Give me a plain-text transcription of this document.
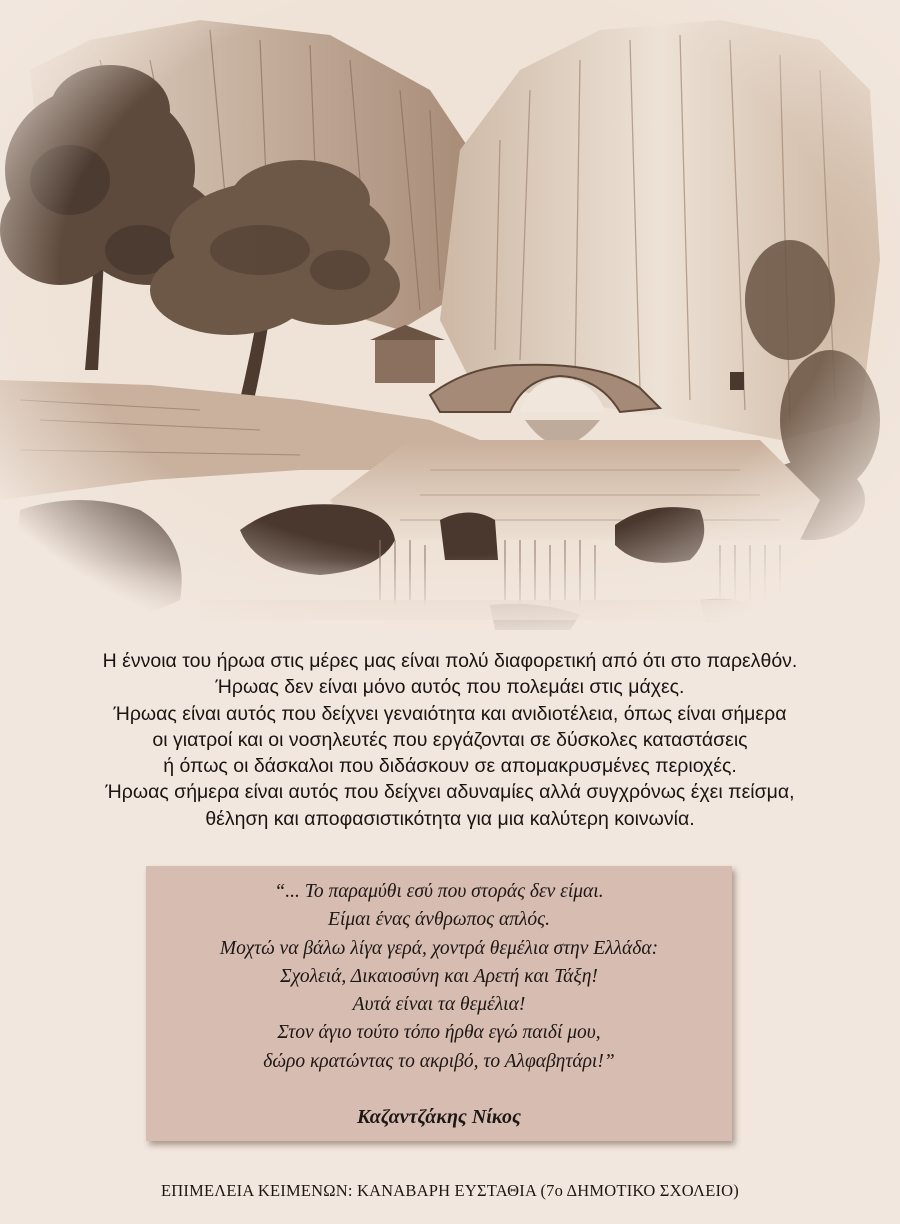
Η έννοια του ήρωα στις μέρες μας είναι πολύ διαφορετική από ότι στο παρελθόν.
Ήρωας δεν είναι μόνο αυτός που πολεμάει στις μάχες.
Ήρωας είναι αυτός που δείχνει γεναιότητα και ανιδιοτέλεια, όπως είναι σήμερα
οι γιατροί και οι νοσηλευτές που εργάζονται σε δύσκολες καταστάσεις
ή όπως οι δάσκαλοι που διδάσκουν σε απομακρυσμένες περιοχές.
Ήρωας σήμερα είναι αυτός που δείχνει αδυναμίες αλλά συγχρόνως έχει πείσμα,
θέληση και αποφασιστικότητα για μια καλύτερη κοινωνία.
“... Το παραμύθι εσύ που στοράς δεν είμαι.
Είμαι ένας άνθρωπος απλός.
Μοχτώ να βάλω λίγα γερά, χοντρά θεμέλια στην Ελλάδα:
Σχολειά, Δικαιοσύνη και Αρετή και Τάξη!
Αυτά είναι τα θεμέλια!
Στον άγιο τούτο τόπο ήρθα εγώ παιδί μου,
δώρο κρατώντας το ακριβό, το Αλφαβητάρι!”
Καζαντζάκης Νίκος
ΕΠΙΜΕΛΕΙΑ ΚΕΙΜΕΝΩΝ: ΚΑΝΑΒΑΡΗ ΕΥΣΤΑΘΙΑ (7ο ΔΗΜΟΤΙΚΟ ΣΧΟΛΕΙΟ)
